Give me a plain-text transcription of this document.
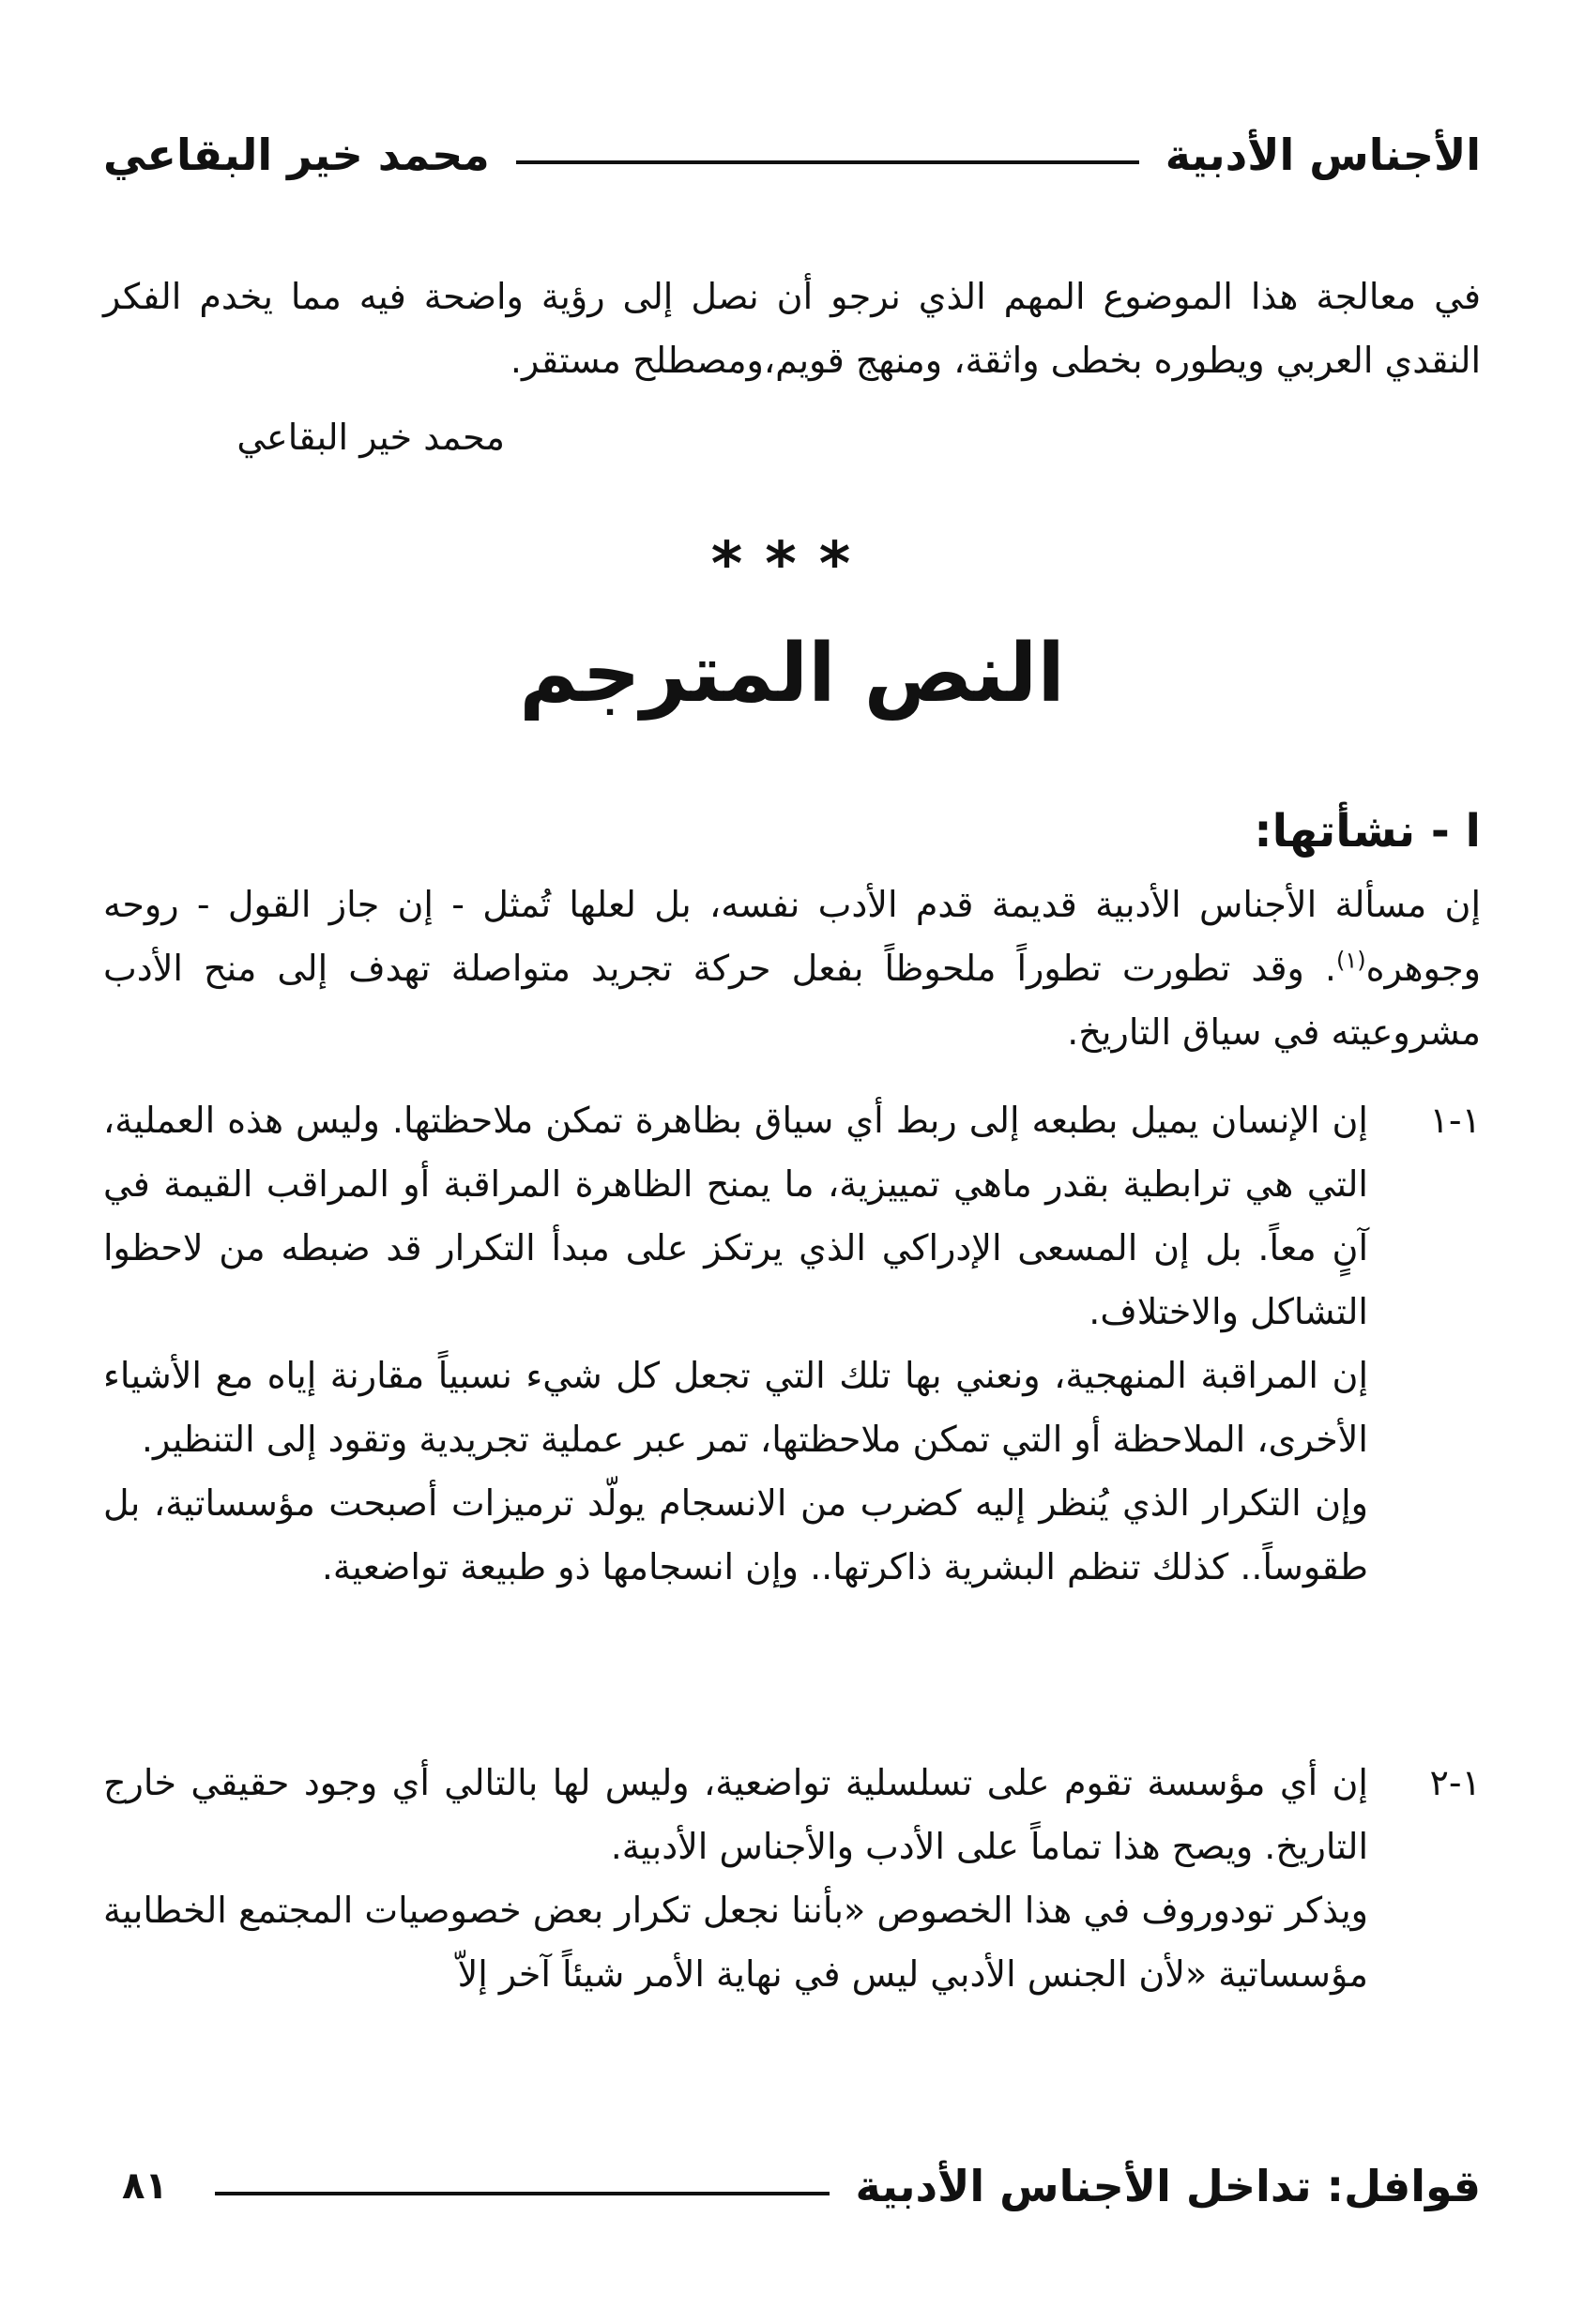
الأجناس الأدبية
محمد خير البقاعي
في معالجة هذا الموضوع المهم الذي نرجو أن نصل إلى رؤية واضحة فيه مما يخدم الفكر النقدي العربي ويطوره بخطى واثقة، ومنهج قويم،ومصطلح مستقر.
محمد خير البقاعي
***
النص المترجم
ا - نشأتها:
إن مسألة الأجناس الأدبية قديمة قدم الأدب نفسه، بل لعلها تُمثل - إن جاز القول - روحه وجوهره$^{(١)}$. وقد تطورت تطوراً ملحوظاً بفعل حركة تجريد متواصلة تهدف إلى منح الأدب مشروعيته في سياق التاريخ.
١-١

إن الإنسان يميل بطبعه إلى ربط أي سياق بظاهرة تمكن ملاحظتها. وليس هذه العملية، التي هي ترابطية بقدر ماهي تمييزية، ما يمنح الظاهرة المراقبة أو المراقب القيمة في آنٍ معاً. بل إن المسعى الإدراكي الذي يرتكز على مبدأ التكرار قد ضبطه من لاحظوا التشاكل والاختلاف.

إن المراقبة المنهجية، ونعني بها تلك التي تجعل كل شيء نسبياً مقارنة إياه مع الأشياء الأخرى، الملاحظة أو التي تمكن ملاحظتها، تمر عبر عملية تجريدية وتقود إلى التنظير.

وإن التكرار الذي يُنظر إليه كضرب من الانسجام يولّد ترميزات أصبحت مؤسساتية، بل طقوساً.. كذلك تنظم البشرية ذاكرتها.. وإن انسجامها ذو طبيعة تواضعية.

١-٢

إن أي مؤسسة تقوم على تسلسلية تواضعية، وليس لها بالتالي أي وجود حقيقي خارج التاريخ. ويصح هذا تماماً على الأدب والأجناس الأدبية.

ويذكر تودوروف في هذا الخصوص «بأننا نجعل تكرار بعض خصوصيات المجتمع الخطابية مؤسساتية «لأن الجنس الأدبي ليس في نهاية الأمر شيئاً آخر إلاّ

قوافل: تداخل الأجناس الأدبية
٨١
